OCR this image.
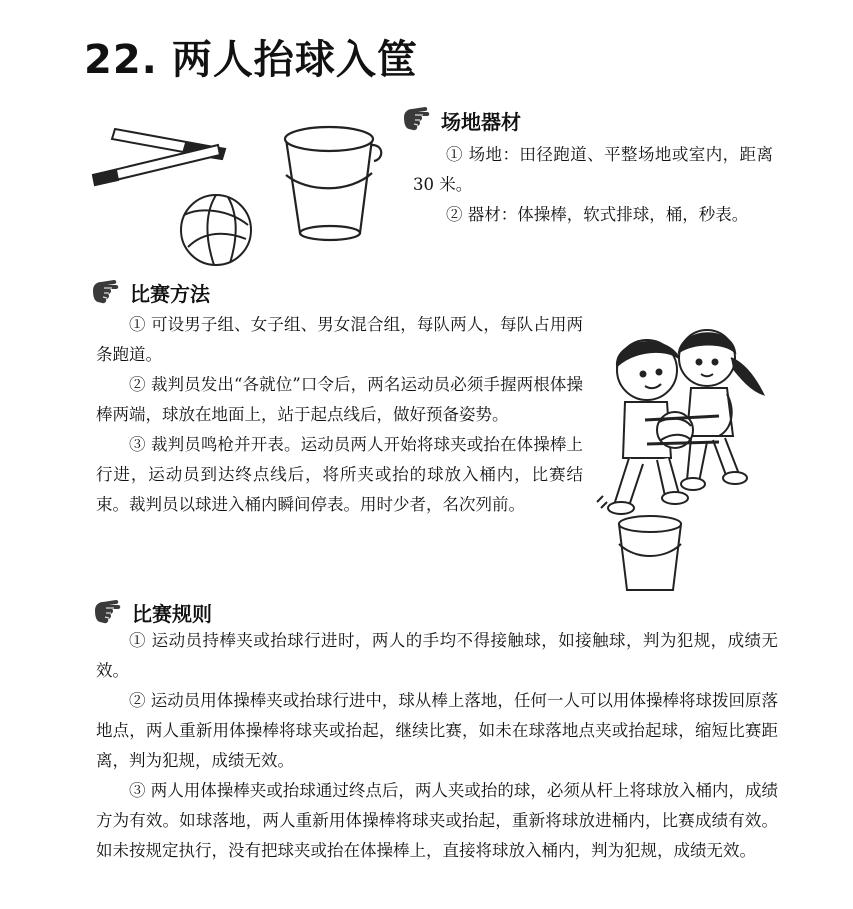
22. 两人抬球入筐
场地器材

① 场地：田径跑道、平整场地或室内，距离 30 米。

② 器材：体操棒，软式排球，桶，秒表。

比赛方法

① 可设男子组、女子组、男女混合组，每队两人，每队占用两条跑道。

② 裁判员发出“各就位”口令后，两名运动员必须手握两根体操棒两端，球放在地面上，站于起点线后，做好预备姿势。

③ 裁判员鸣枪并开表。运动员两人开始将球夹或抬在体操棒上行进，运动员到达终点线后，将所夹或抬的球放入桶内，比赛结束。裁判员以球进入桶内瞬间停表。用时少者，名次列前。

比赛规则

① 运动员持棒夹或抬球行进时，两人的手均不得接触球，如接触球，判为犯规，成绩无效。

② 运动员用体操棒夹或抬球行进中，球从棒上落地，任何一人可以用体操棒将球拨回原落地点，两人重新用体操棒将球夹或抬起，继续比赛，如未在球落地点夹或抬起球，缩短比赛距离，判为犯规，成绩无效。

③ 两人用体操棒夹或抬球通过终点后，两人夹或抬的球，必须从杆上将球放入桶内，成绩方为有效。如球落地，两人重新用体操棒将球夹或抬起，重新将球放进桶内，比赛成绩有效。如未按规定执行，没有把球夹或抬在体操棒上，直接将球放入桶内，判为犯规，成绩无效。
